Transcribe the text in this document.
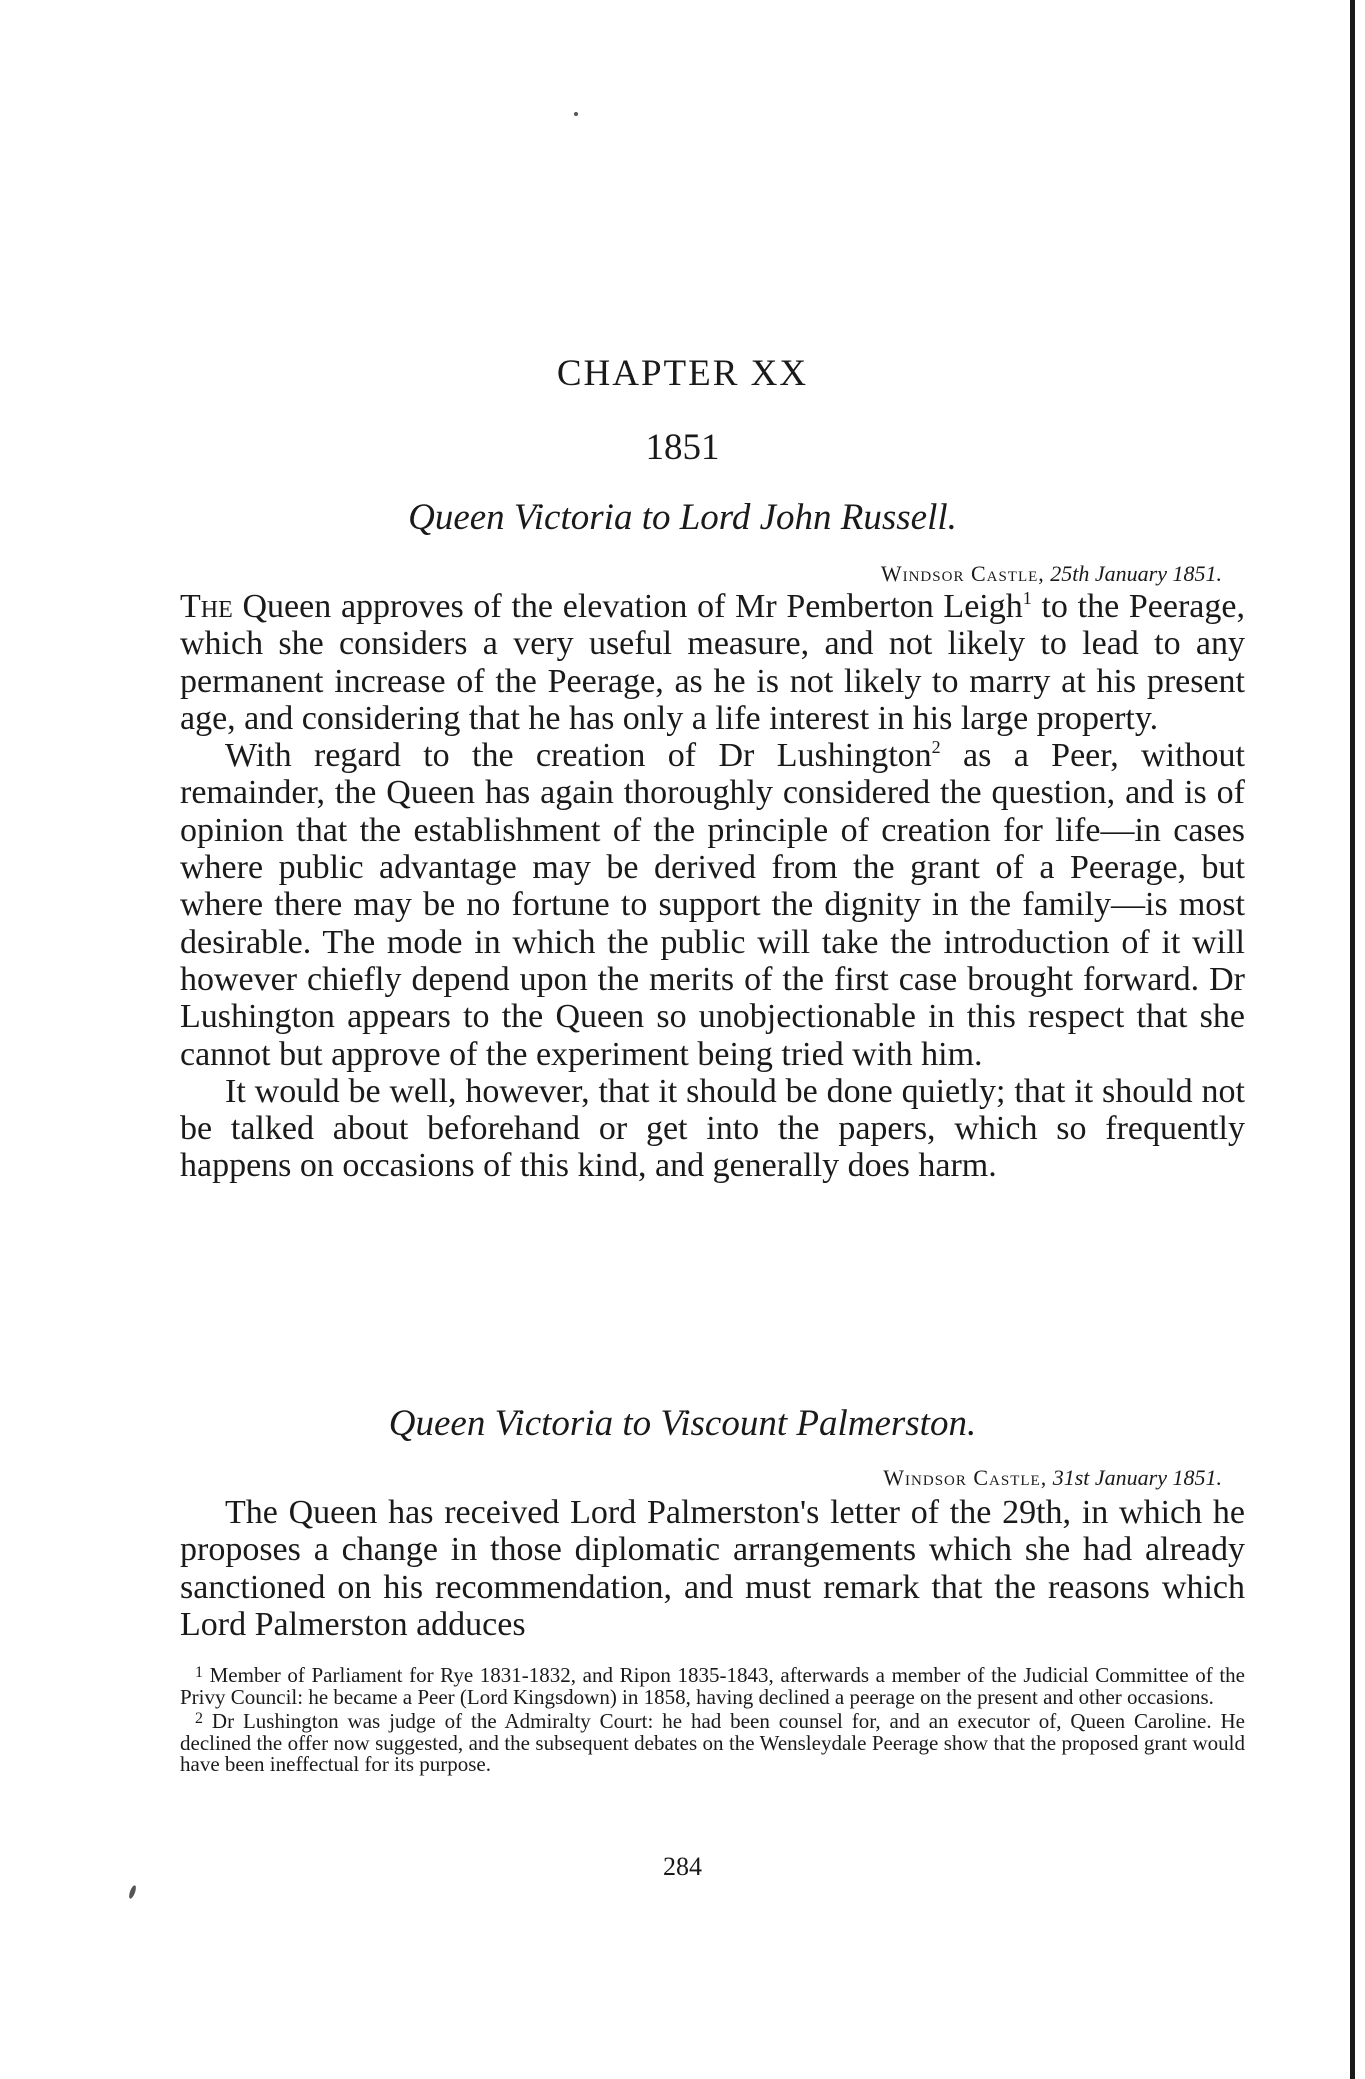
CHAPTER XX
1851
Queen Victoria to Lord John Russell.
Windsor Castle, 25th January 1851.

The Queen approves of the elevation of Mr Pemberton Leigh$^1$ to the Peerage, which she considers a very useful measure, and not likely to lead to any permanent increase of the Peerage, as he is not likely to marry at his present age, and considering that he has only a life interest in his large property.

With regard to the creation of Dr Lushington$^2$ as a Peer, without remainder, the Queen has again thoroughly considered the question, and is of opinion that the establishment of the principle of creation for life—in cases where public advantage may be derived from the grant of a Peerage, but where there may be no fortune to support the dignity in the family—is most desirable. The mode in which the public will take the introduction of it will however chiefly depend upon the merits of the first case brought forward. Dr Lushington appears to the Queen so unobjectionable in this respect that she cannot but approve of the experiment being tried with him.

It would be well, however, that it should be done quietly; that it should not be talked about beforehand or get into the papers, which so frequently happens on occasions of this kind, and generally does harm.

Queen Victoria to Viscount Palmerston.
Windsor Castle, 31st January 1851.

The Queen has received Lord Palmerston's letter of the 29th, in which he proposes a change in those diplomatic arrangements which she had already sanctioned on his recommendation, and must remark that the reasons which Lord Palmerston adduces

$^1$ Member of Parliament for Rye 1831-1832, and Ripon 1835-1843, afterwards a member of the Judicial Committee of the Privy Council: he became a Peer (Lord Kingsdown) in 1858, having declined a peerage on the present and other occasions.

$^2$ Dr Lushington was judge of the Admiralty Court: he had been counsel for, and an executor of, Queen Caroline. He declined the offer now suggested, and the subsequent debates on the Wensleydale Peerage show that the proposed grant would have been ineffectual for its purpose.

284
